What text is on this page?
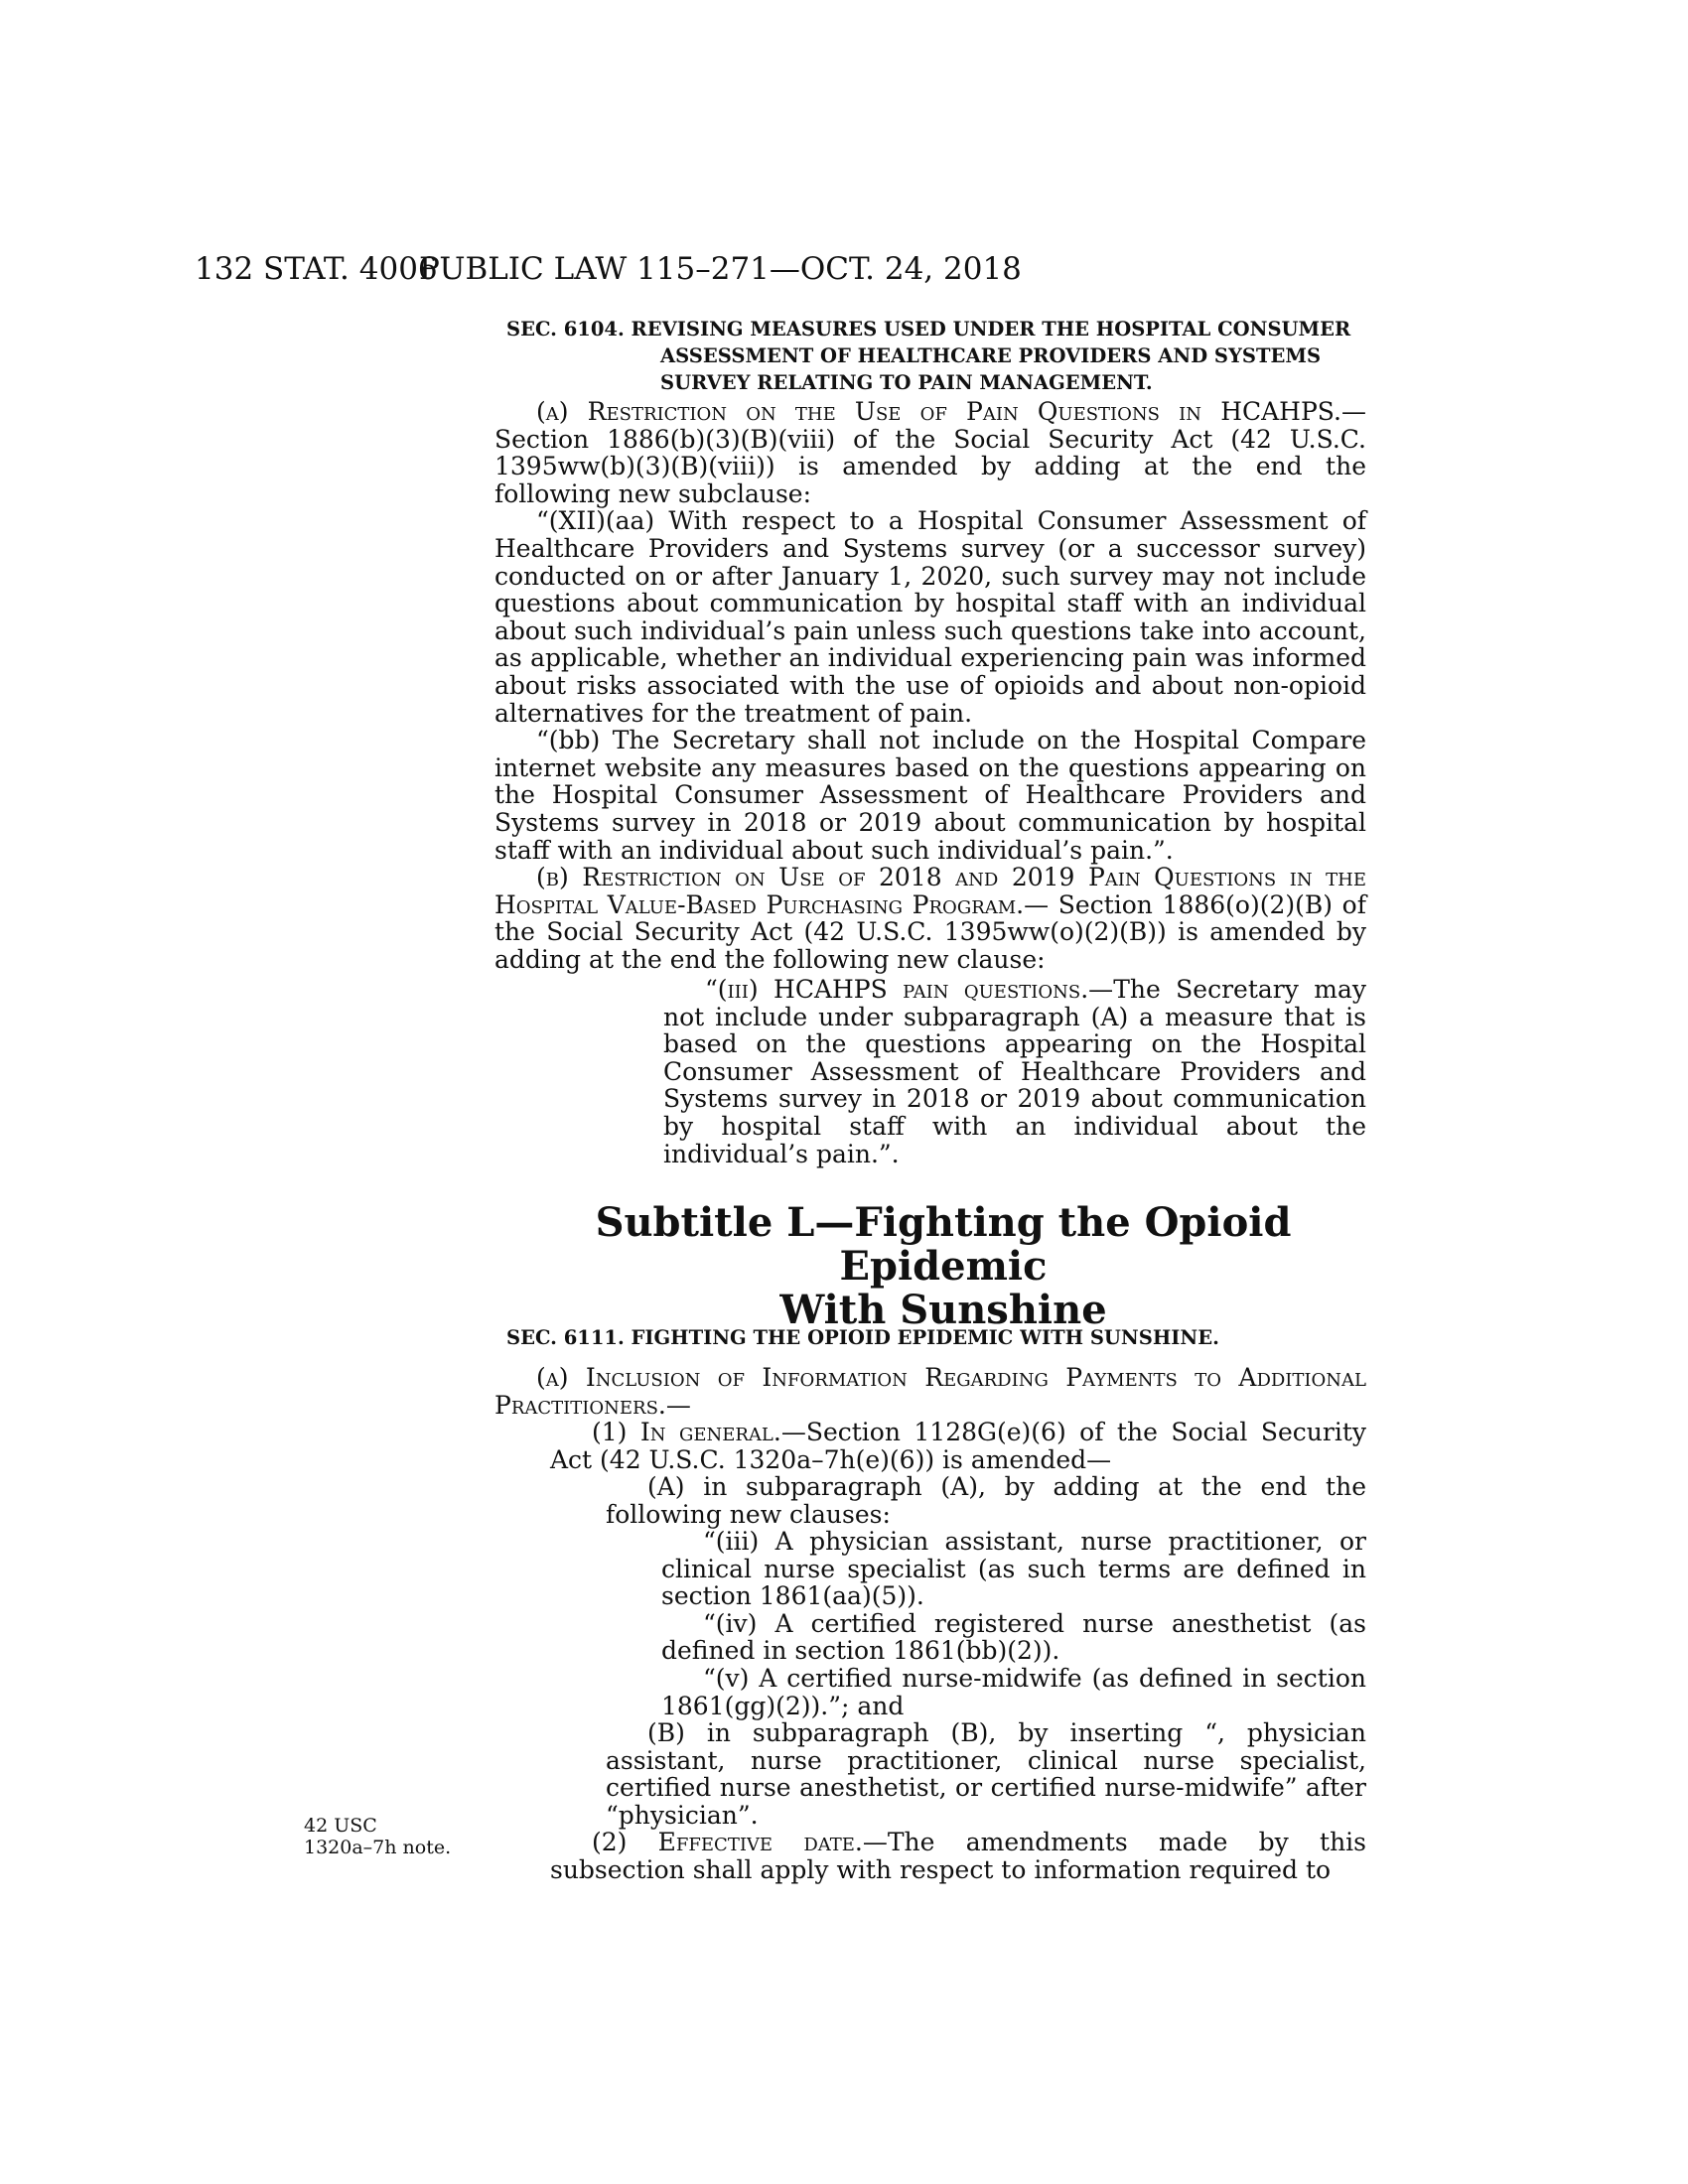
132 STAT. 4006
PUBLIC LAW 115–271—OCT. 24, 2018
SEC. 6104. REVISING MEASURES USED UNDER THE HOSPITAL CONSUMER ASSESSMENT OF HEALTHCARE PROVIDERS AND SYSTEMS SURVEY RELATING TO PAIN MANAGEMENT.

(a) Restriction on the Use of Pain Questions in HCAHPS.— Section 1886(b)(3)(B)(viii) of the Social Security Act (42 U.S.C. 1395ww(b)(3)(B)(viii)) is amended by adding at the end the following new subclause:

“(XII)(aa) With respect to a Hospital Consumer Assessment of Healthcare Providers and Systems survey (or a successor survey) conducted on or after January 1, 2020, such survey may not include questions about communication by hospital staff with an individual about such individual’s pain unless such questions take into account, as applicable, whether an individual experiencing pain was informed about risks associated with the use of opioids and about non-opioid alternatives for the treatment of pain.

“(bb) The Secretary shall not include on the Hospital Compare internet website any measures based on the questions appearing on the Hospital Consumer Assessment of Healthcare Providers and Systems survey in 2018 or 2019 about communication by hospital staff with an individual about such individual’s pain.”.

(b) Restriction on Use of 2018 and 2019 Pain Questions in the Hospital Value-Based Purchasing Program.— Section 1886(o)(2)(B) of the Social Security Act (42 U.S.C. 1395ww(o)(2)(B)) is amended by adding at the end the following new clause:

“(iii) HCAHPS pain questions.—The Secretary may not include under subparagraph (A) a measure that is based on the questions appearing on the Hospital Consumer Assessment of Healthcare Providers and Systems survey in 2018 or 2019 about communication by hospital staff with an individual about the individual’s pain.”.

Subtitle L—Fighting the Opioid Epidemic
With Sunshine
SEC. 6111. FIGHTING THE OPIOID EPIDEMIC WITH SUNSHINE.

(a) Inclusion of Information Regarding Payments to Additional Practitioners.—

(1) In general.—Section 1128G(e)(6) of the Social Security Act (42 U.S.C. 1320a–7h(e)(6)) is amended—

(A) in subparagraph (A), by adding at the end the following new clauses:

“(iii) A physician assistant, nurse practitioner, or clinical nurse specialist (as such terms are defined in section 1861(aa)(5)).

“(iv) A certified registered nurse anesthetist (as defined in section 1861(bb)(2)).

“(v) A certified nurse-midwife (as defined in section 1861(gg)(2)).”; and

(B) in subparagraph (B), by inserting “, physician assistant, nurse practitioner, clinical nurse specialist, certified nurse anesthetist, or certified nurse-midwife” after “physician”.

(2) Effective date.—The amendments made by this subsection shall apply with respect to information required to

42 USC
1320a–7h note.
